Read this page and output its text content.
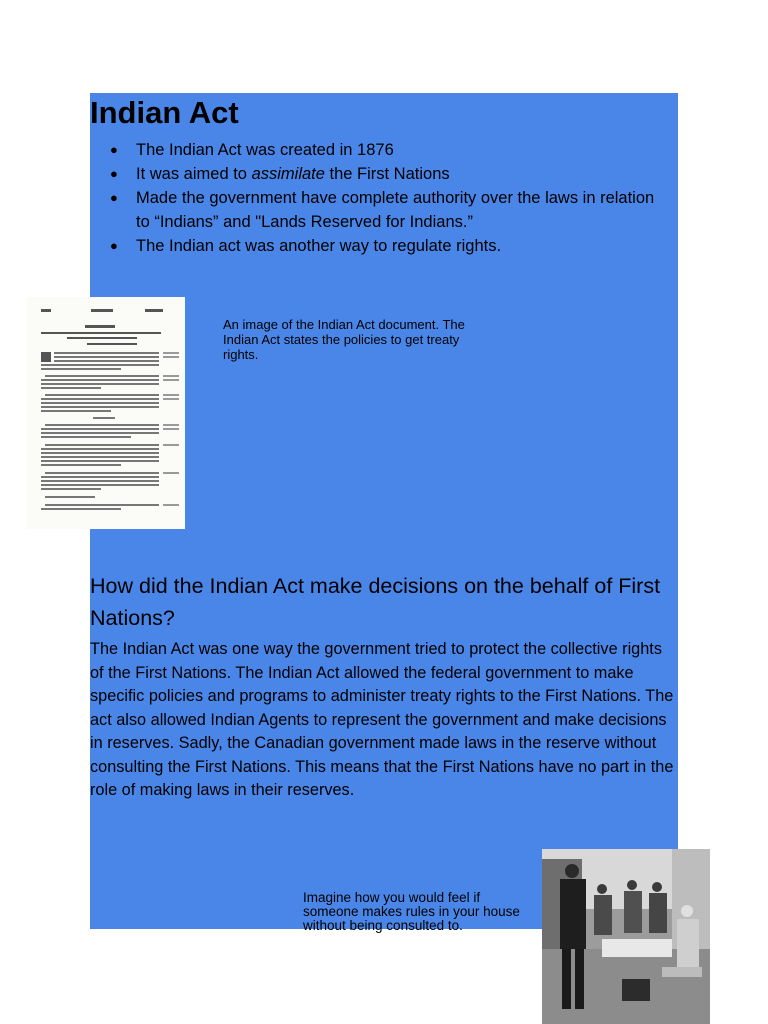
Indian Act
● The Indian Act was created in 1876
● It was aimed to assimilate the First Nations
● Made the government have complete authority over the laws in relation to “Indians” and "Lands Reserved for Indians.”
● The Indian act was another way to regulate rights.

An image of the Indian Act document. The Indian Act states the policies to get treaty rights.

How did the Indian Act make decisions on the behalf of First Nations?

The Indian Act was one way the government tried to protect the collective rights of the First Nations. The Indian Act allowed the federal government to make specific policies and programs to administer treaty rights to the First Nations. The act also allowed Indian Agents to represent the government and make decisions in reserves. Sadly, the Canadian government made laws in the reserve without consulting the First Nations. This means that the First Nations have no part in the role of making laws in their reserves.

Imagine how you would feel if someone makes rules in your house without being consulted to.
